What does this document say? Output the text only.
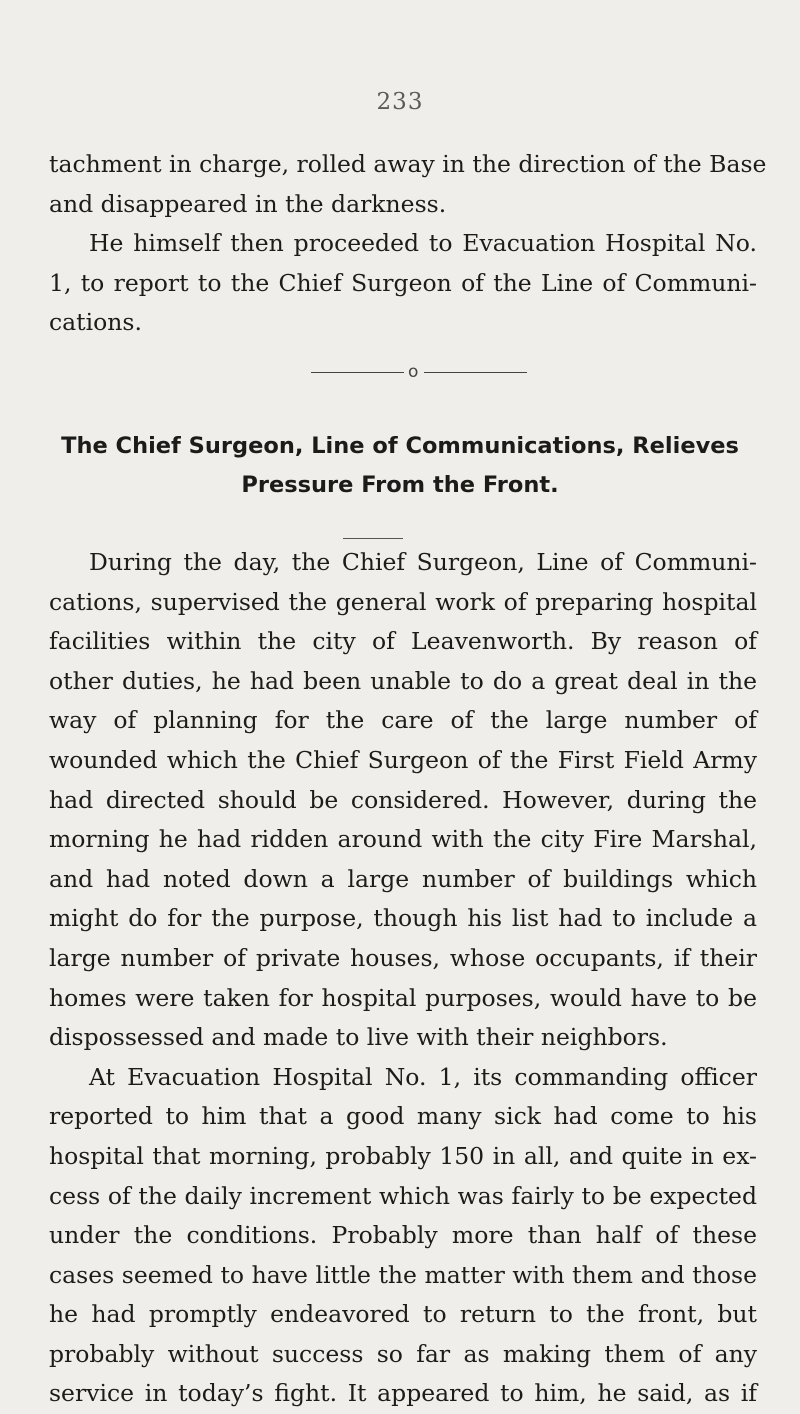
233
tachment in charge, rolled away in the direction of the Base
and disappeared in the darkness.
He himself then proceeded to Evacuation Hospital No.
1, to report to the Chief Surgeon of the Line of Communi-
cations.
o
The Chief Surgeon, Line of Communications, Relieves
Pressure From the Front.
During the day, the Chief Surgeon, Line of Communi-
cations, supervised the general work of preparing hospital
facilities within the city of Leavenworth. By reason of
other duties, he had been unable to do a great deal in the
way of planning for the care of the large number of
wounded which the Chief Surgeon of the First Field Army
had directed should be considered. However, during the
morning he had ridden around with the city Fire Marshal,
and had noted down a large number of buildings which
might do for the purpose, though his list had to include a
large number of private houses, whose occupants, if their
homes were taken for hospital purposes, would have to be
dispossessed and made to live with their neighbors.
At Evacuation Hospital No. 1, its commanding officer
reported to him that a good many sick had come to his
hospital that morning, probably 150 in all, and quite in ex-
cess of the daily increment which was fairly to be expected
under the conditions. Probably more than half of these
cases seemed to have little the matter with them and those
he had promptly endeavored to return to the front, but
probably without success so far as making them of any
service in today’s fight. It appeared to him, he said, as if
